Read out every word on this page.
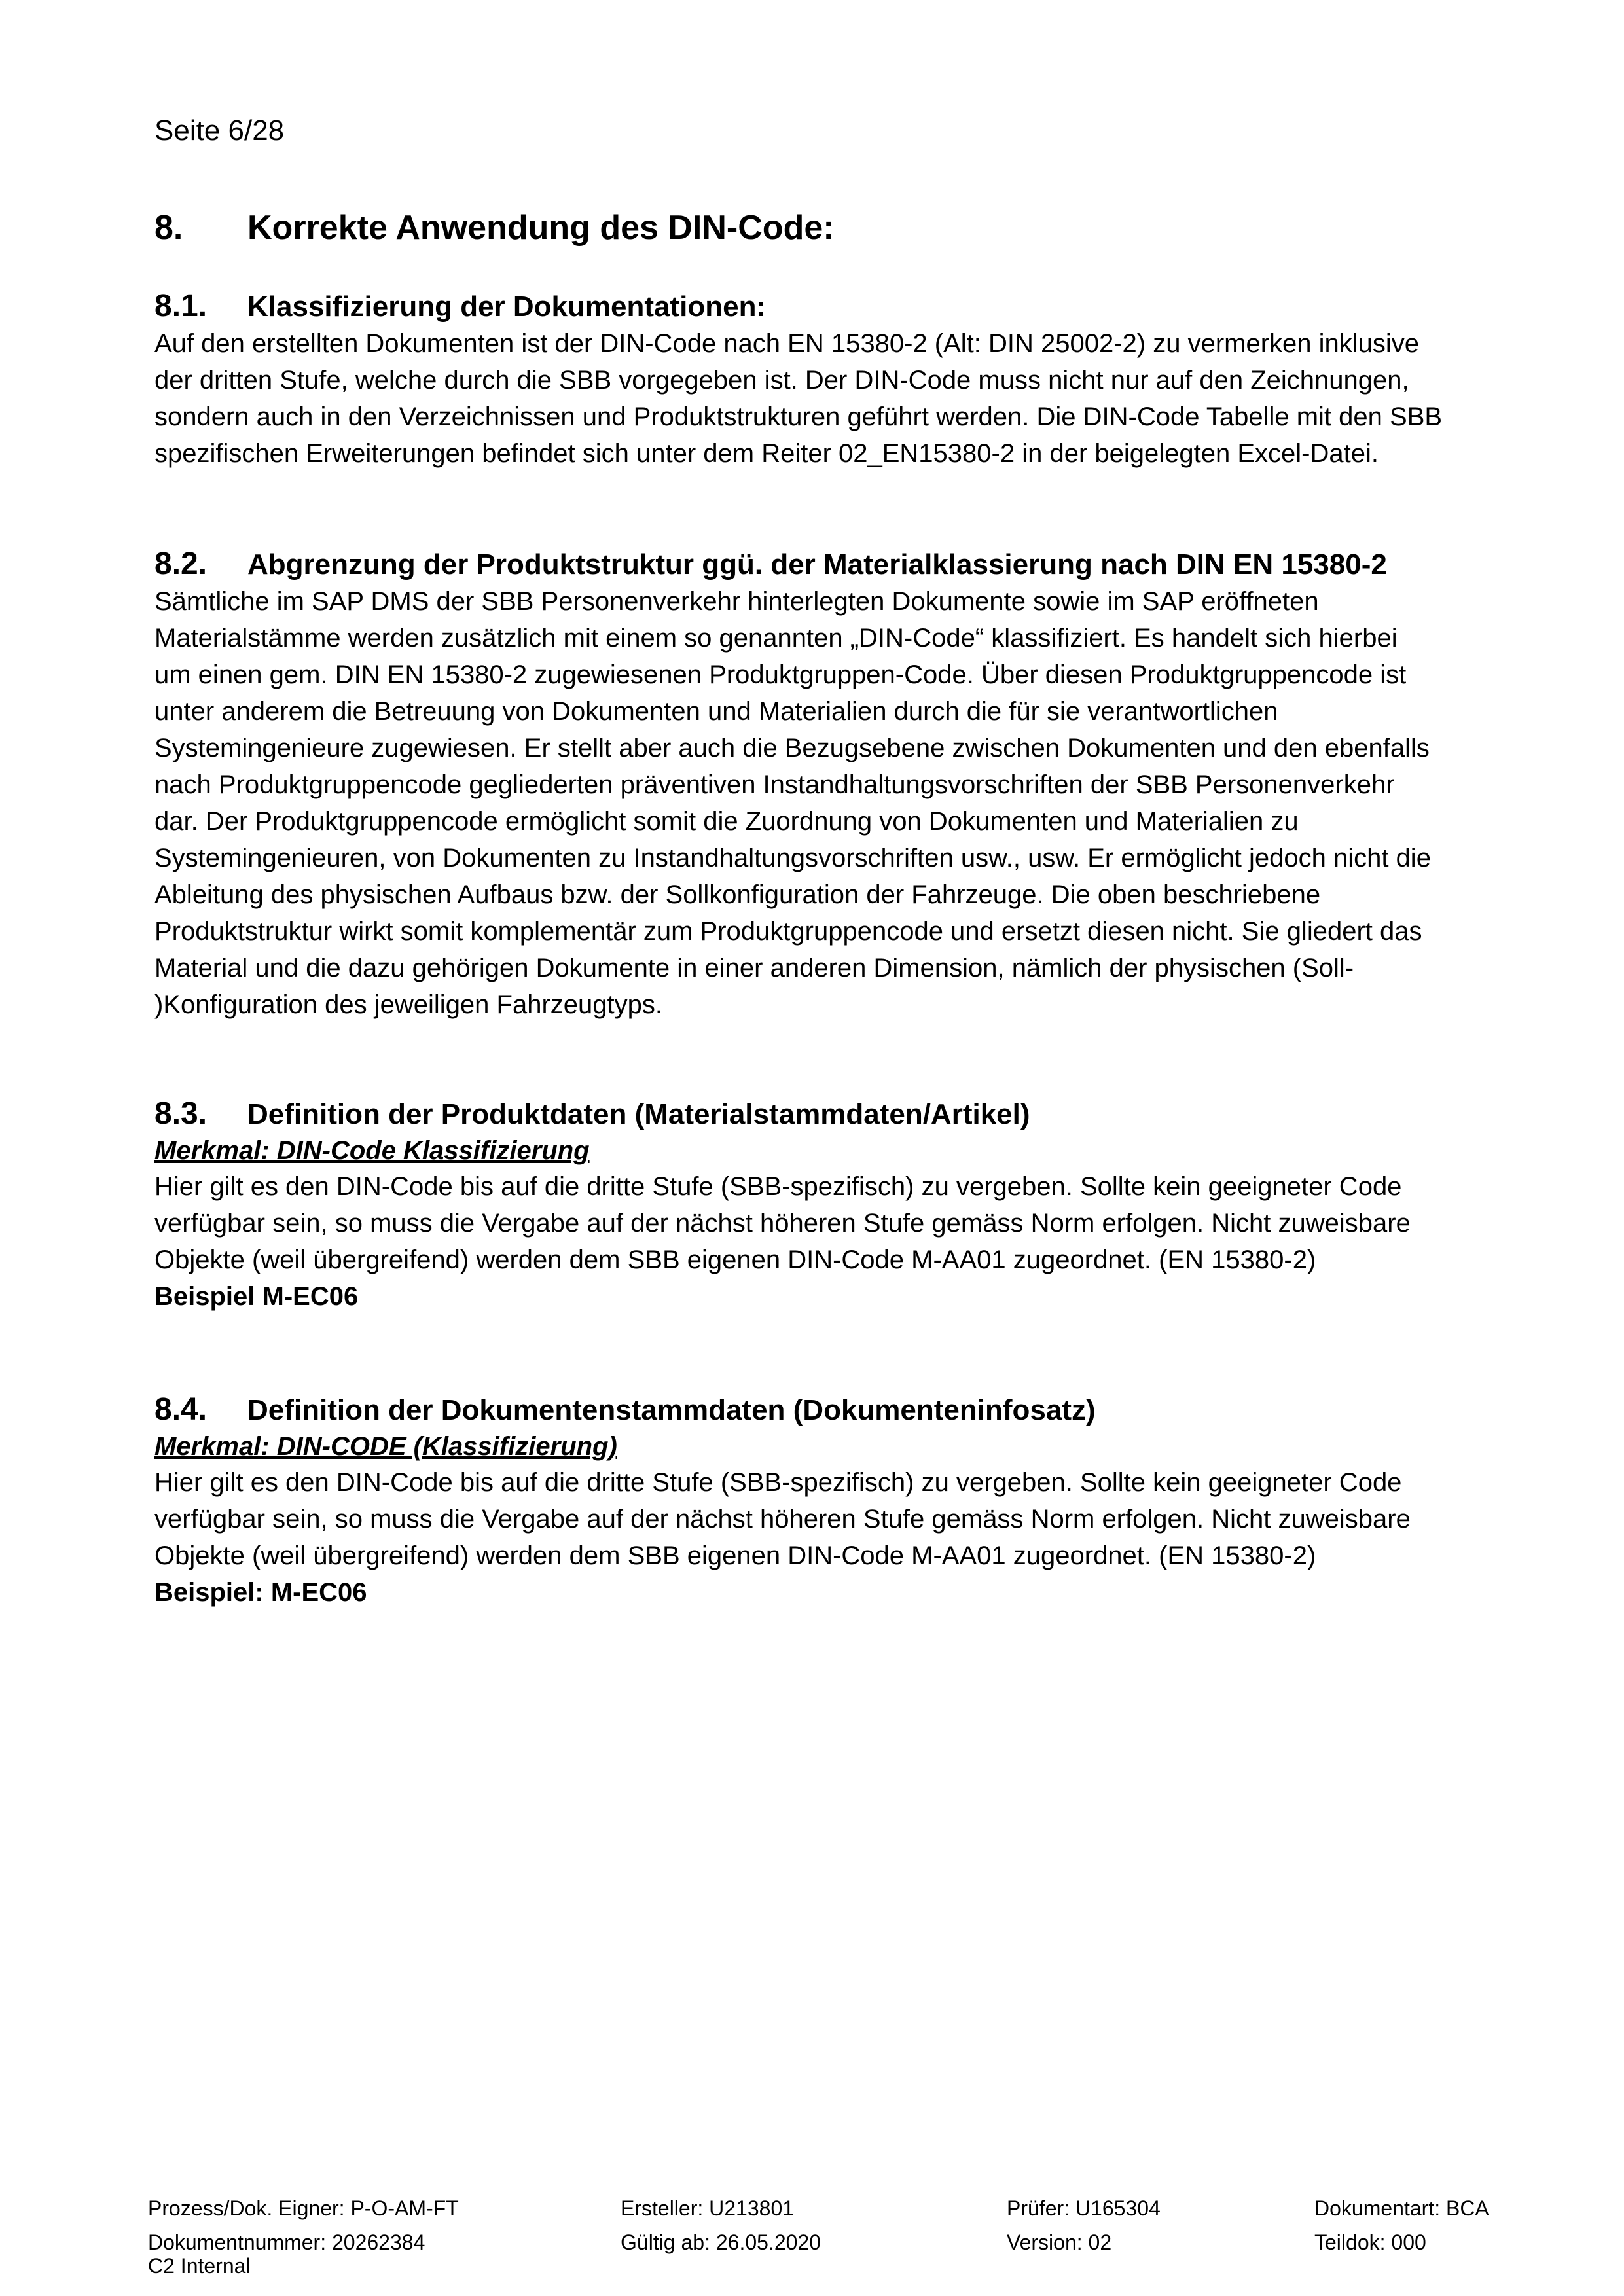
Seite 6/28
8. Korrekte Anwendung des DIN-Code:
8.1. Klassifizierung der Dokumentationen:

Auf den erstellten Dokumenten ist der DIN-Code nach EN 15380-2 (Alt: DIN 25002-2) zu vermerken inklusive

der dritten Stufe, welche durch die SBB vorgegeben ist. Der DIN-Code muss nicht nur auf den Zeichnungen,

sondern auch in den Verzeichnissen und Produktstrukturen geführt werden. Die DIN-Code Tabelle mit den SBB

spezifischen Erweiterungen befindet sich unter dem Reiter 02_EN15380-2 in der beigelegten Excel-Datei.

8.2. Abgrenzung der Produktstruktur ggü. der Materialklassierung nach DIN EN 15380-2

Sämtliche im SAP DMS der SBB Personenverkehr hinterlegten Dokumente sowie im SAP eröffneten

Materialstämme werden zusätzlich mit einem so genannten „DIN-Code“ klassifiziert. Es handelt sich hierbei

um einen gem. DIN EN 15380-2 zugewiesenen Produktgruppen-Code. Über diesen Produktgruppencode ist

unter anderem die Betreuung von Dokumenten und Materialien durch die für sie verantwortlichen

Systemingenieure zugewiesen. Er stellt aber auch die Bezugsebene zwischen Dokumenten und den ebenfalls

nach Produktgruppencode gegliederten präventiven Instandhaltungsvorschriften der SBB Personenverkehr

dar. Der Produktgruppencode ermöglicht somit die Zuordnung von Dokumenten und Materialien zu

Systemingenieuren, von Dokumenten zu Instandhaltungsvorschriften usw., usw. Er ermöglicht jedoch nicht die

Ableitung des physischen Aufbaus bzw. der Sollkonfiguration der Fahrzeuge. Die oben beschriebene

Produktstruktur wirkt somit komplementär zum Produktgruppencode und ersetzt diesen nicht. Sie gliedert das

Material und die dazu gehörigen Dokumente in einer anderen Dimension, nämlich der physischen (Soll-

)Konfiguration des jeweiligen Fahrzeugtyps.

8.3. Definition der Produktdaten (Materialstammdaten/Artikel)
Merkmal: DIN-Code Klassifizierung

Hier gilt es den DIN-Code bis auf die dritte Stufe (SBB-spezifisch) zu vergeben. Sollte kein geeigneter Code

verfügbar sein, so muss die Vergabe auf der nächst höheren Stufe gemäss Norm erfolgen. Nicht zuweisbare

Objekte (weil übergreifend) werden dem SBB eigenen DIN-Code M-AA01 zugeordnet. (EN 15380-2)

Beispiel M-EC06
8.4. Definition der Dokumentenstammdaten (Dokumenteninfosatz)
Merkmal: DIN-CODE (Klassifizierung)

Hier gilt es den DIN-Code bis auf die dritte Stufe (SBB-spezifisch) zu vergeben. Sollte kein geeigneter Code

verfügbar sein, so muss die Vergabe auf der nächst höheren Stufe gemäss Norm erfolgen. Nicht zuweisbare

Objekte (weil übergreifend) werden dem SBB eigenen DIN-Code M-AA01 zugeordnet. (EN 15380-2)

Beispiel: M-EC06
Prozess/Dok. Eigner: P-O-AM-FT	Ersteller: U213801	Prüfer: U165304	Dokumentart: BCA
Dokumentnummer: 20262384	Gültig ab: 26.05.2020	Version: 02	Teildok: 000
C2 Internal
